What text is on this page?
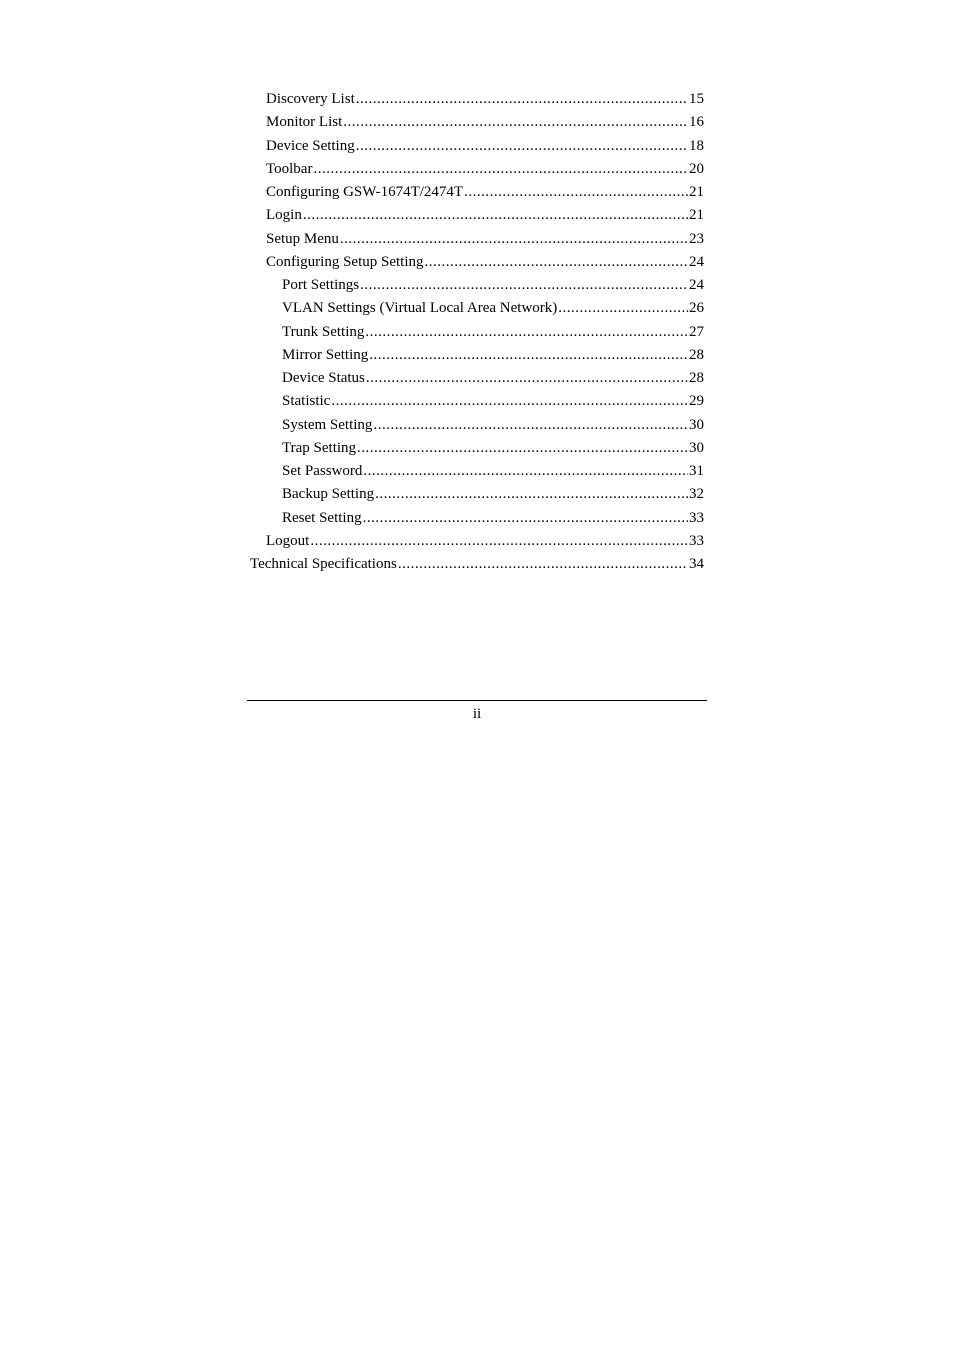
Discovery List .....	15
Monitor List .....	16
Device Setting .....	18
Toolbar .....	20
Configuring GSW-1674T/2474T .....	21
Login .....	21
Setup Menu .....	23
Configuring Setup Setting .....	24
Port Settings .....	24
VLAN Settings (Virtual Local Area Network) .....	26
Trunk Setting .....	27
Mirror Setting .....	28
Device Status .....	28
Statistic .....	29
System Setting .....	30
Trap Setting .....	30
Set Password .....	31
Backup Setting .....	32
Reset Setting .....	33
Logout .....	33
Technical Specifications .....	34
ii
